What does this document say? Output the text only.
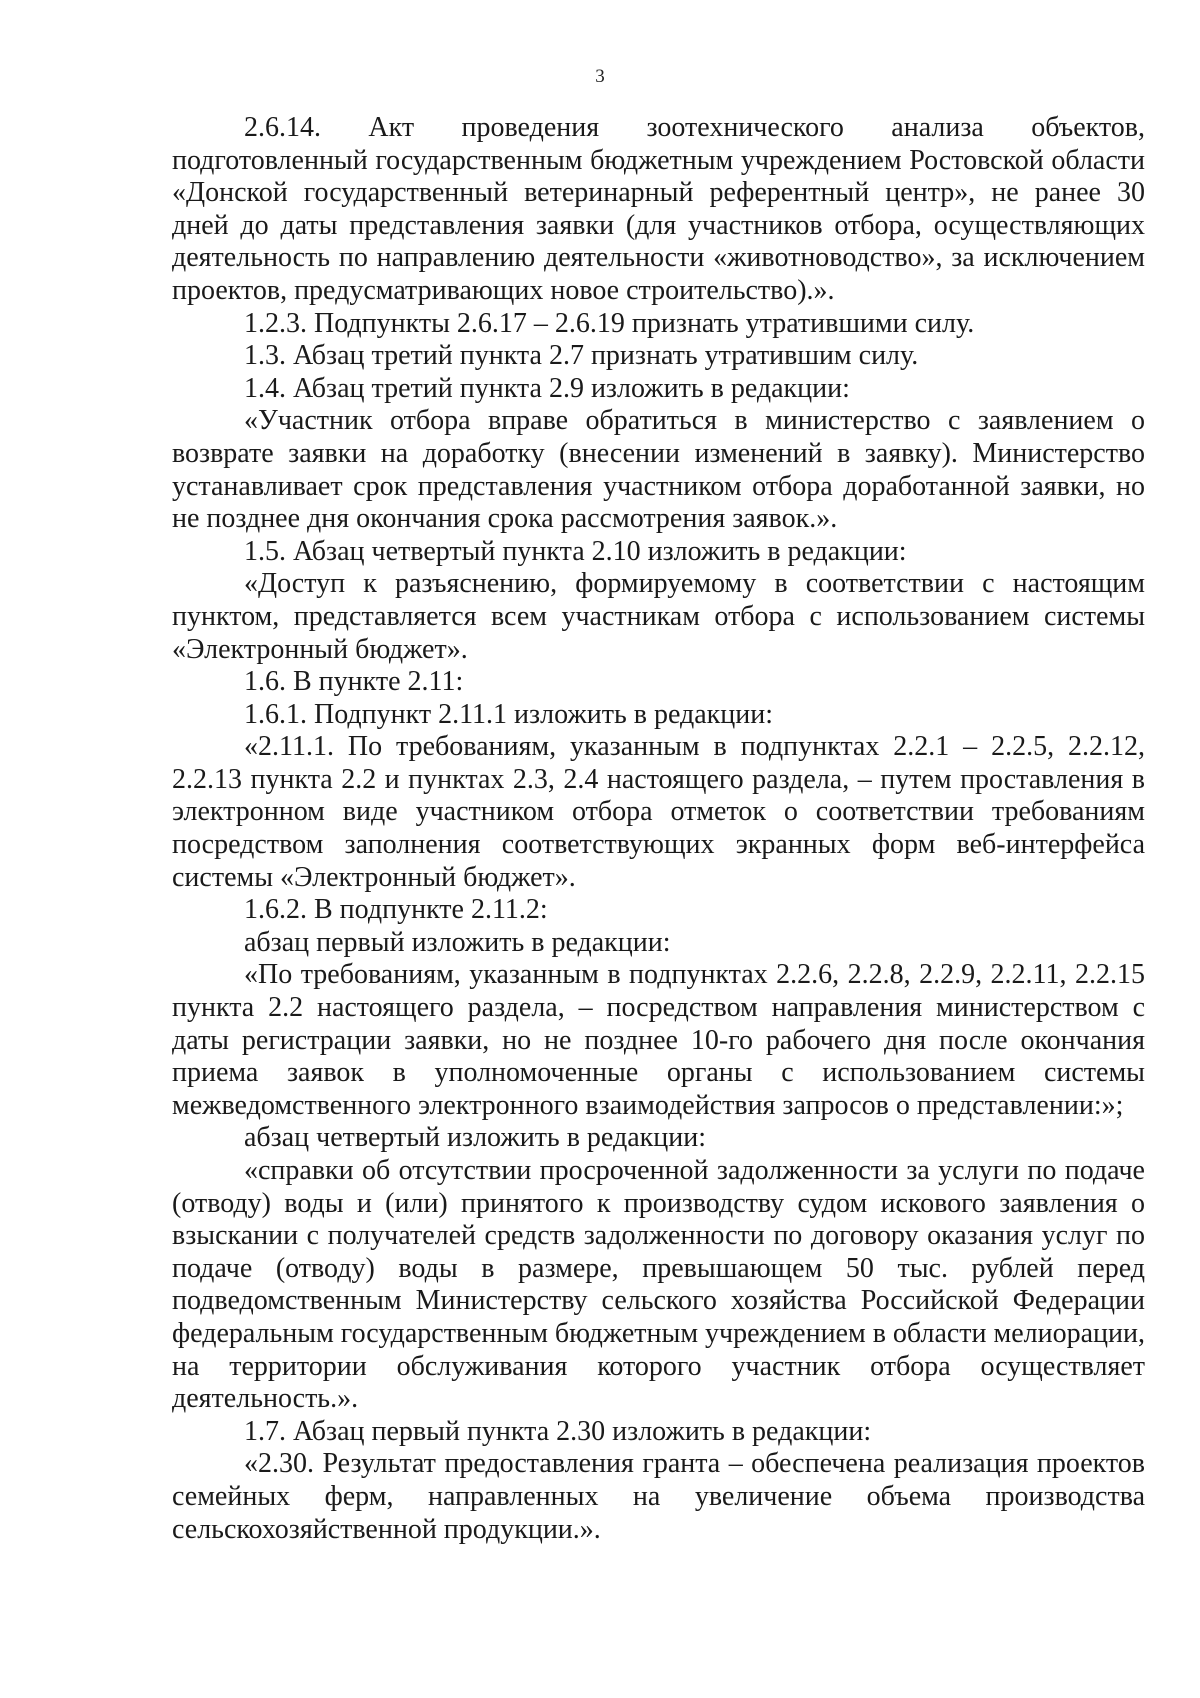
3

2.6.14. Акт проведения зоотехнического анализа объектов, подготовленный государственным бюджетным учреждением Ростовской области «Донской государственный ветеринарный референтный центр», не ранее 30 дней до даты представления заявки (для участников отбора, осуществляющих деятельность по направлению деятельности «животноводство», за исключением проектов, предусматривающих новое строительство).».

1.2.3. Подпункты 2.6.17 – 2.6.19 признать утратившими силу.

1.3. Абзац третий пункта 2.7 признать утратившим силу.

1.4. Абзац третий пункта 2.9 изложить в редакции:

«Участник отбора вправе обратиться в министерство с заявлением о возврате заявки на доработку (внесении изменений в заявку). Министерство устанавливает срок представления участником отбора доработанной заявки, но не позднее дня окончания срока рассмотрения заявок.».

1.5. Абзац четвертый пункта 2.10 изложить в редакции:

«Доступ к разъяснению, формируемому в соответствии с настоящим пунктом, представляется всем участникам отбора с использованием системы «Электронный бюджет».

1.6. В пункте 2.11:

1.6.1. Подпункт 2.11.1 изложить в редакции:

«2.11.1. По требованиям, указанным в подпунктах 2.2.1 – 2.2.5, 2.2.12, 2.2.13 пункта 2.2 и пунктах 2.3, 2.4 настоящего раздела, – путем проставления в электронном виде участником отбора отметок о соответствии требованиям посредством заполнения соответствующих экранных форм веб-интерфейса системы «Электронный бюджет».

1.6.2. В подпункте 2.11.2:

абзац первый изложить в редакции:

«По требованиям, указанным в подпунктах 2.2.6, 2.2.8, 2.2.9, 2.2.11, 2.2.15 пункта 2.2 настоящего раздела, – посредством направления министерством с даты регистрации заявки, но не позднее 10-го рабочего дня после окончания приема заявок в уполномоченные органы с использованием системы межведомственного электронного взаимодействия запросов о представлении:»;

абзац четвертый изложить в редакции:

«справки об отсутствии просроченной задолженности за услуги по подаче (отводу) воды и (или) принятого к производству судом искового заявления о взыскании с получателей средств задолженности по договору оказания услуг по подаче (отводу) воды в размере, превышающем 50 тыс. рублей перед подведомственным Министерству сельского хозяйства Российской Федерации федеральным государственным бюджетным учреждением в области мелиорации, на территории обслуживания которого участник отбора осуществляет деятельность.».

1.7. Абзац первый пункта 2.30 изложить в редакции:

«2.30. Результат предоставления гранта – обеспечена реализация проектов семейных ферм, направленных на увеличение объема производства сельскохозяйственной продукции.».
